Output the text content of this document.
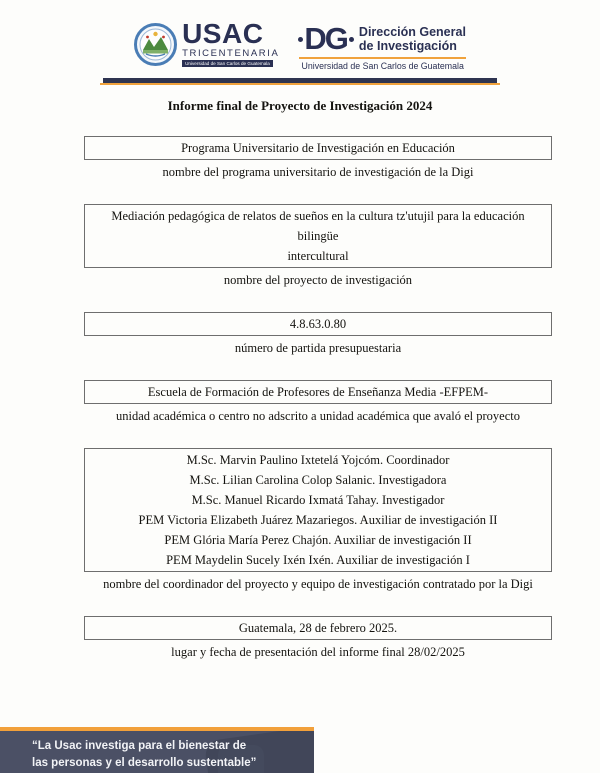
USAC
TRICENTENARIA
Universidad de San Carlos de Guatemala
DG Dirección General
de Investigación
Universidad de San Carlos de Guatemala
Informe final de Proyecto de Investigación 2024
Programa Universitario de Investigación en Educación
nombre del programa universitario de investigación de la Digi
Mediación pedagógica de relatos de sueños en la cultura tz'utujil para la educación bilingüe
intercultural
nombre del proyecto de investigación
4.8.63.0.80
número de partida presupuestaria
Escuela de Formación de Profesores de Enseñanza Media -EFPEM-
unidad académica o centro no adscrito a unidad académica que avaló el proyecto
M.Sc. Marvin Paulino Ixtetelá Yojcóm. Coordinador
M.Sc. Lilian Carolina Colop Salanic. Investigadora
M.Sc. Manuel Ricardo Ixmatá Tahay. Investigador
PEM Victoria Elizabeth Juárez Mazariegos. Auxiliar de investigación II
PEM Glória María Perez Chajón. Auxiliar de investigación II
PEM Maydelin Sucely Ixén Ixén. Auxiliar de investigación I
nombre del coordinador del proyecto y equipo de investigación contratado por la Digi
Guatemala, 28 de febrero 2025.
lugar y fecha de presentación del informe final 28/02/2025
“La Usac investiga para el bienestar de
las personas y el desarrollo sustentable”
